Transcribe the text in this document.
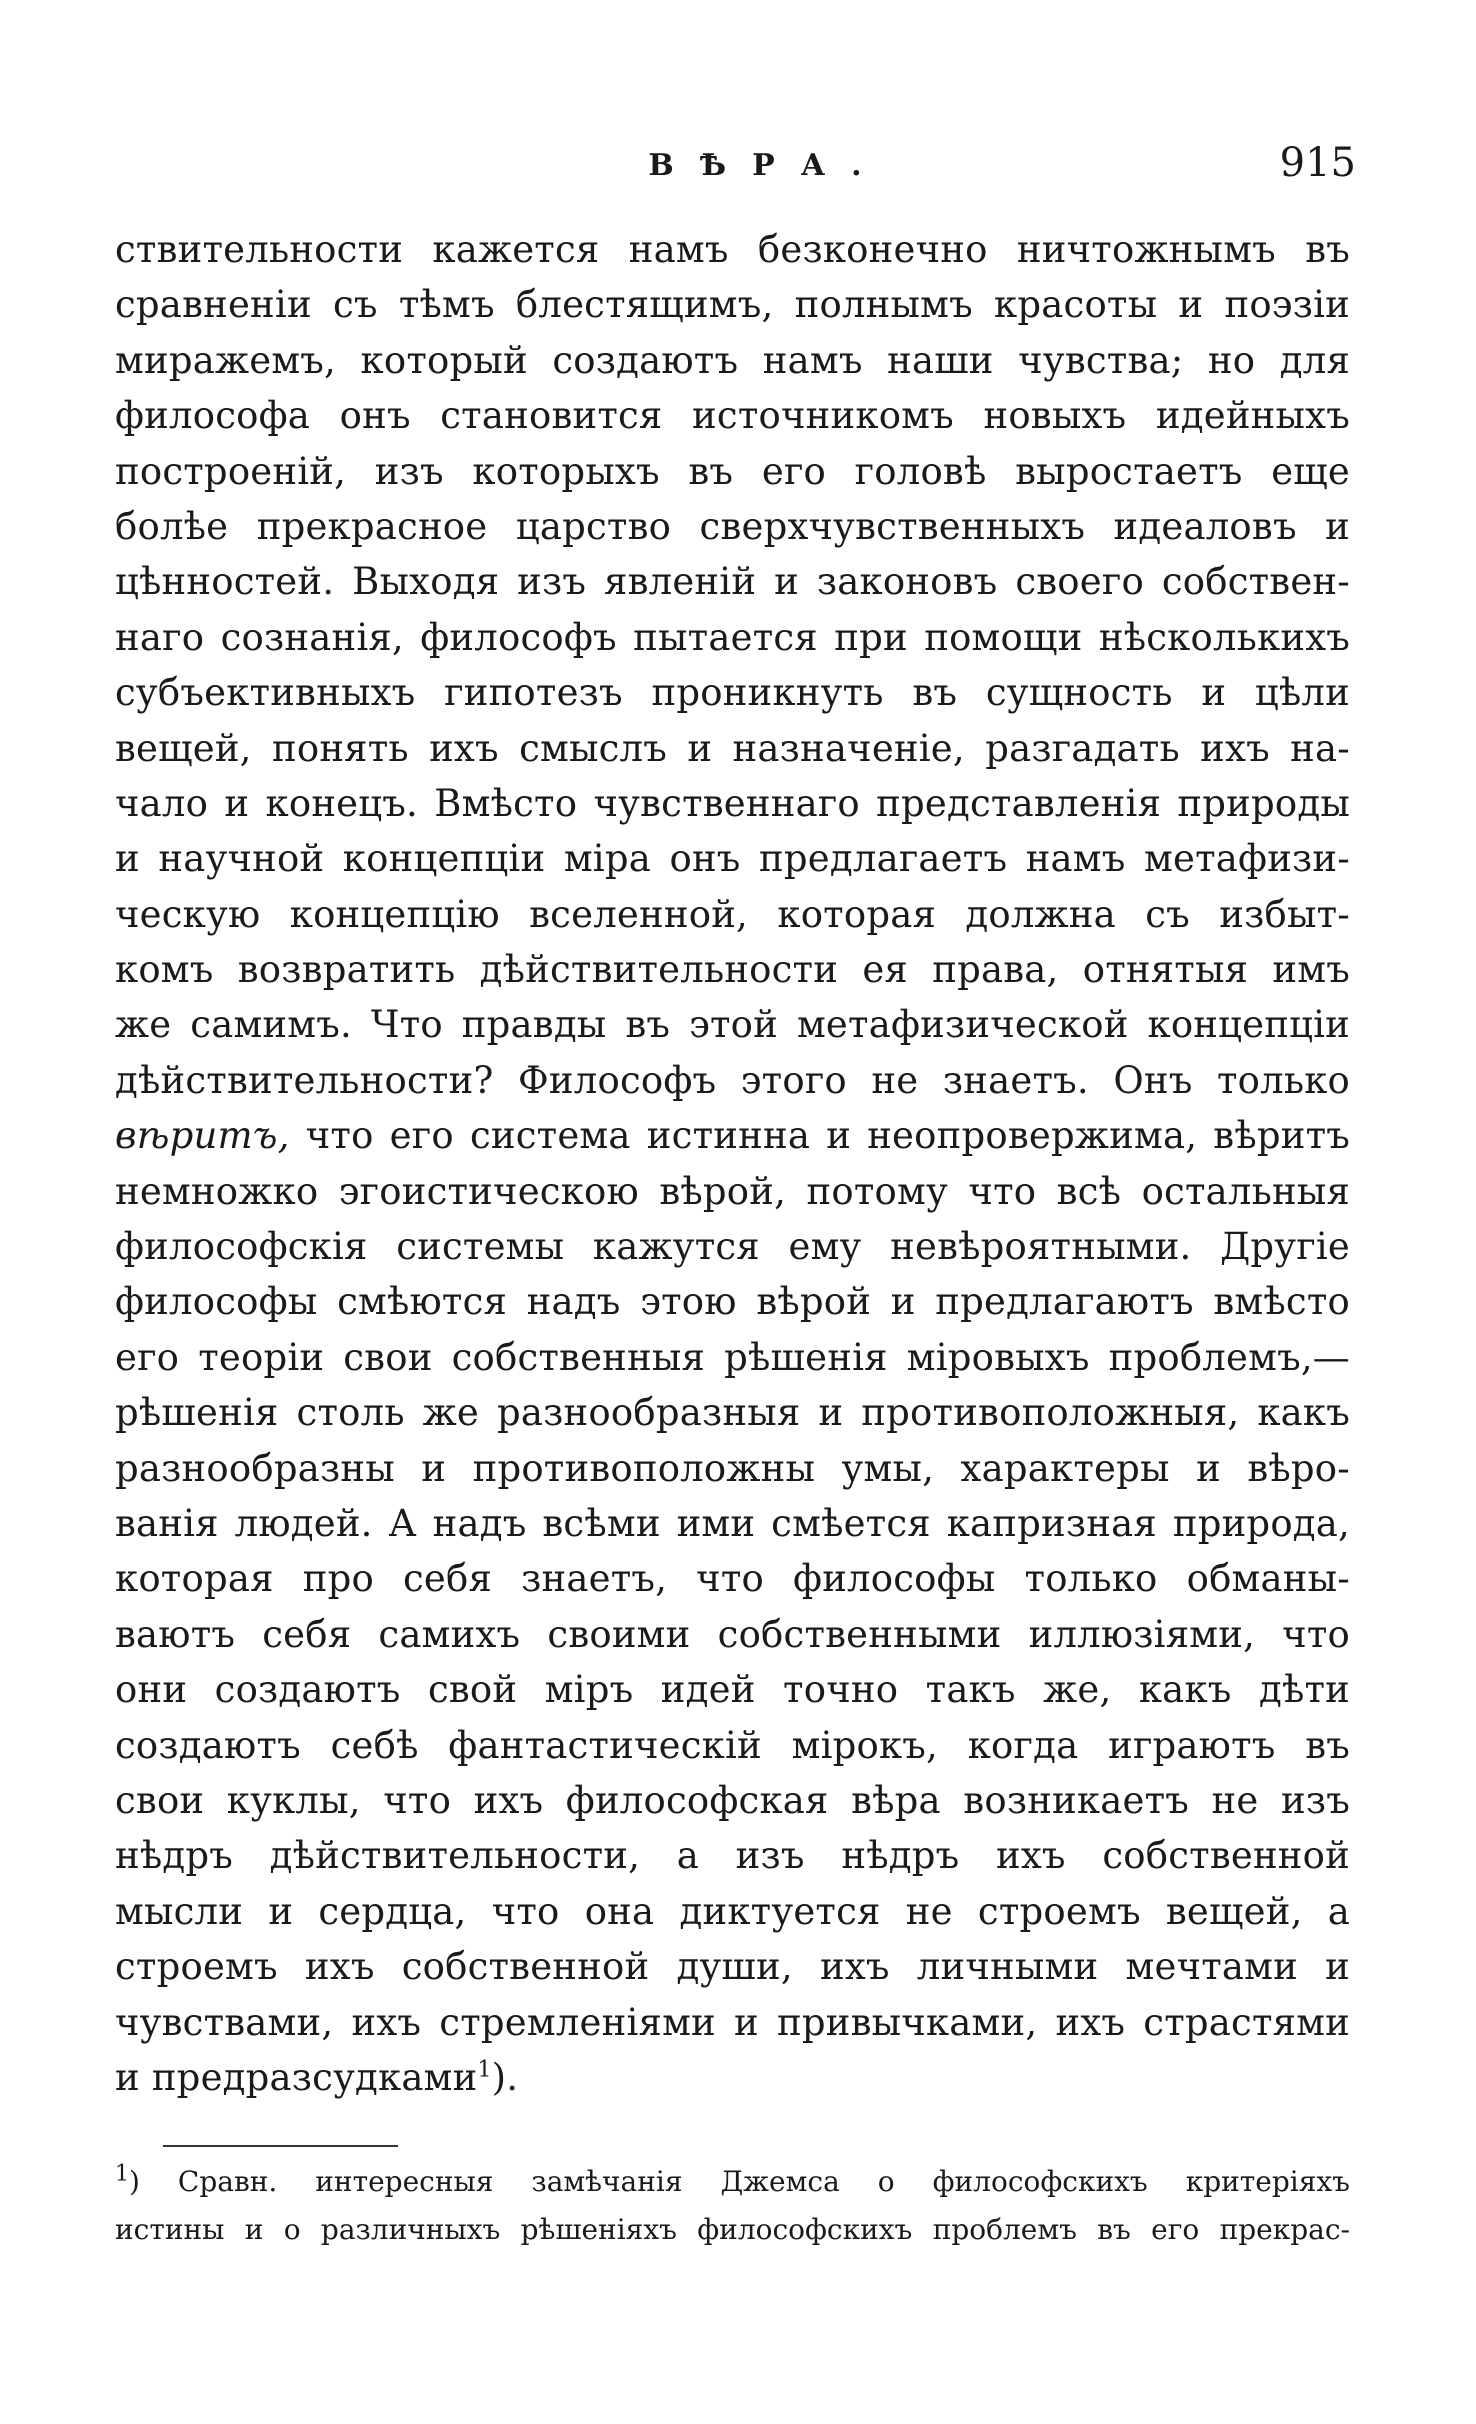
ВѢРА.	915
ствительности кажется намъ безконечно ничтожнымъ въ
сравненіи съ тѣмъ блестящимъ, полнымъ красоты и поэзіи
миражемъ, который создаютъ намъ наши чувства; но для
философа онъ становится источникомъ новыхъ идейныхъ
построеній, изъ которыхъ въ его головѣ выростаетъ еще
болѣе прекрасное царство сверхчувственныхъ идеаловъ и
цѣнностей. Выходя изъ явленій и законовъ своего собствен-
наго сознанія, философъ пытается при помощи нѣсколькихъ
субъективныхъ гипотезъ проникнуть въ сущность и цѣли
вещей, понять ихъ смыслъ и назначеніе, разгадать ихъ на-
чало и конецъ. Вмѣсто чувственнаго представленія природы
и научной концепціи міра онъ предлагаетъ намъ метафизи-
ческую концепцію вселенной, которая должна съ избыт-
комъ возвратить дѣйствительности ея права, отнятыя имъ
же самимъ. Что правды въ этой метафизической концепціи
дѣйствительности? Философъ этого не знаетъ. Онъ только
вѣритъ, что его система истинна и неопровержима, вѣритъ
немножко эгоистическою вѣрой, потому что всѣ остальныя
философскія системы кажутся ему невѣроятными. Другіе
философы смѣются надъ этою вѣрой и предлагаютъ вмѣсто
его теоріи свои собственныя рѣшенія міровыхъ проблемъ,—
рѣшенія столь же разнообразныя и противоположныя, какъ
разнообразны и противоположны умы, характеры и вѣро-
ванія людей. А надъ всѣми ими смѣется капризная природа,
которая про себя знаетъ, что философы только обманы-
ваютъ себя самихъ своими собственными иллюзіями, что
они создаютъ свой міръ идей точно такъ же, какъ дѣти
создаютъ себѣ фантастическій мірокъ, когда играютъ въ
свои куклы, что ихъ философская вѣра возникаетъ не изъ
нѣдръ дѣйствительности, а изъ нѣдръ ихъ собственной
мысли и сердца, что она диктуется не строемъ вещей, а
строемъ ихъ собственной души, ихъ личными мечтами и
чувствами, ихъ стремленіями и привычками, ихъ страстями
и предразсудками$^1$).
$^1$) Сравн. интересныя замѣчанія Джемса о философскихъ критеріяхъ
истины и о различныхъ рѣшеніяхъ философскихъ проблемъ въ его прекрас-
